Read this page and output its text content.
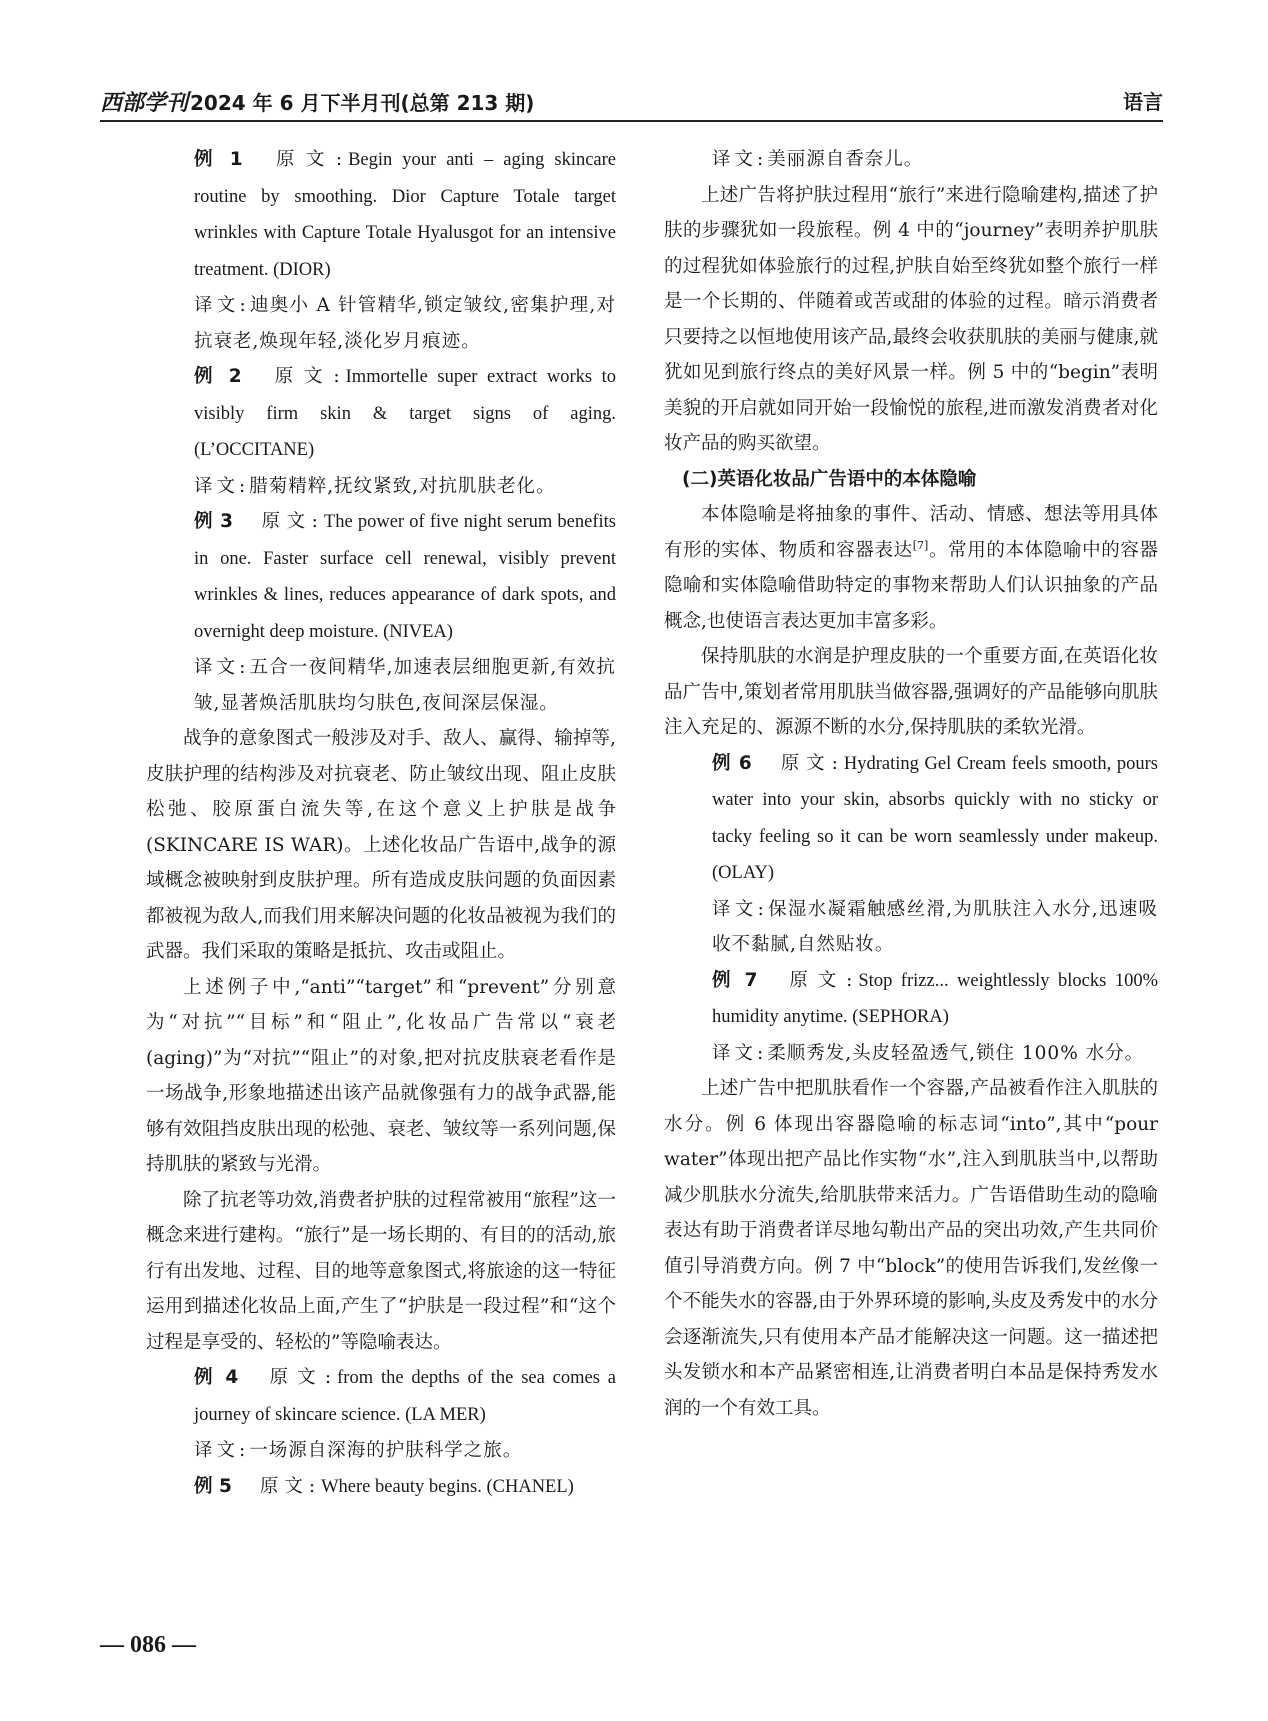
西部学刊 2024 年 6 月下半月刊(总第 213 期)	语言

例 1 原文:Begin your anti – aging skincare routine by smoothing. Dior Capture Totale target wrinkles with Capture Totale Hyalusgot for an intensive treatment. (DIOR)

译文:迪奥小 A 针管精华,锁定皱纹,密集护理,对抗衰老,焕现年轻,淡化岁月痕迹。

例 2 原文:Immortelle super extract works to visibly firm skin & target signs of aging. (L’OCCITANE)

译文:腊菊精粹,抚纹紧致,对抗肌肤老化。

例 3 原文:The power of five night serum benefits in one. Faster surface cell renewal, visibly prevent wrinkles & lines, reduces appearance of dark spots, and overnight deep moisture. (NIVEA)

译文:五合一夜间精华,加速表层细胞更新,有效抗皱,显著焕活肌肤均匀肤色,夜间深层保湿。

战争的意象图式一般涉及对手、敌人、赢得、输掉等,皮肤护理的结构涉及对抗衰老、防止皱纹出现、阻止皮肤松弛、胶原蛋白流失等,在这个意义上护肤是战争(SKINCARE IS WAR)。上述化妆品广告语中,战争的源域概念被映射到皮肤护理。所有造成皮肤问题的负面因素都被视为敌人,而我们用来解决问题的化妆品被视为我们的武器。我们采取的策略是抵抗、攻击或阻止。

上述例子中,“anti”“target”和“prevent”分别意为“对抗”“目标”和“阻止”,化妆品广告常以“衰老(aging)”为“对抗”“阻止”的对象,把对抗皮肤衰老看作是一场战争,形象地描述出该产品就像强有力的战争武器,能够有效阻挡皮肤出现的松弛、衰老、皱纹等一系列问题,保持肌肤的紧致与光滑。

除了抗老等功效,消费者护肤的过程常被用“旅程”这一概念来进行建构。“旅行”是一场长期的、有目的的活动,旅行有出发地、过程、目的地等意象图式,将旅途的这一特征运用到描述化妆品上面,产生了“护肤是一段过程”和“这个过程是享受的、轻松的”等隐喻表达。

例 4 原文:from the depths of the sea comes a journey of skincare science. (LA MER)

译文:一场源自深海的护肤科学之旅。

例 5 原文:Where beauty begins. (CHANEL)

译文:美丽源自香奈儿。

上述广告将护肤过程用“旅行”来进行隐喻建构,描述了护肤的步骤犹如一段旅程。例 4 中的“journey”表明养护肌肤的过程犹如体验旅行的过程,护肤自始至终犹如整个旅行一样是一个长期的、伴随着或苦或甜的体验的过程。暗示消费者只要持之以恒地使用该产品,最终会收获肌肤的美丽与健康,就犹如见到旅行终点的美好风景一样。例 5 中的“begin”表明美貌的开启就如同开始一段愉悦的旅程,进而激发消费者对化妆产品的购买欲望。

(二)英语化妆品广告语中的本体隐喻

本体隐喻是将抽象的事件、活动、情感、想法等用具体有形的实体、物质和容器表达[7]。常用的本体隐喻中的容器隐喻和实体隐喻借助特定的事物来帮助人们认识抽象的产品概念,也使语言表达更加丰富多彩。

保持肌肤的水润是护理皮肤的一个重要方面,在英语化妆品广告中,策划者常用肌肤当做容器,强调好的产品能够向肌肤注入充足的、源源不断的水分,保持肌肤的柔软光滑。

例 6 原文:Hydrating Gel Cream feels smooth, pours water into your skin, absorbs quickly with no sticky or tacky feeling so it can be worn seamlessly under makeup. (OLAY)

译文:保湿水凝霜触感丝滑,为肌肤注入水分,迅速吸收不黏腻,自然贴妆。

例 7 原文:Stop frizz... weightlessly blocks 100% humidity anytime. (SEPHORA)

译文:柔顺秀发,头皮轻盈透气,锁住 100% 水分。

上述广告中把肌肤看作一个容器,产品被看作注入肌肤的水分。例 6 体现出容器隐喻的标志词“into”,其中“pour water”体现出把产品比作实物“水”,注入到肌肤当中,以帮助减少肌肤水分流失,给肌肤带来活力。广告语借助生动的隐喻表达有助于消费者详尽地勾勒出产品的突出功效,产生共同价值引导消费方向。例 7 中“block”的使用告诉我们,发丝像一个不能失水的容器,由于外界环境的影响,头皮及秀发中的水分会逐渐流失,只有使用本产品才能解决这一问题。这一描述把头发锁水和本产品紧密相连,让消费者明白本品是保持秀发水润的一个有效工具。

— 086 —
